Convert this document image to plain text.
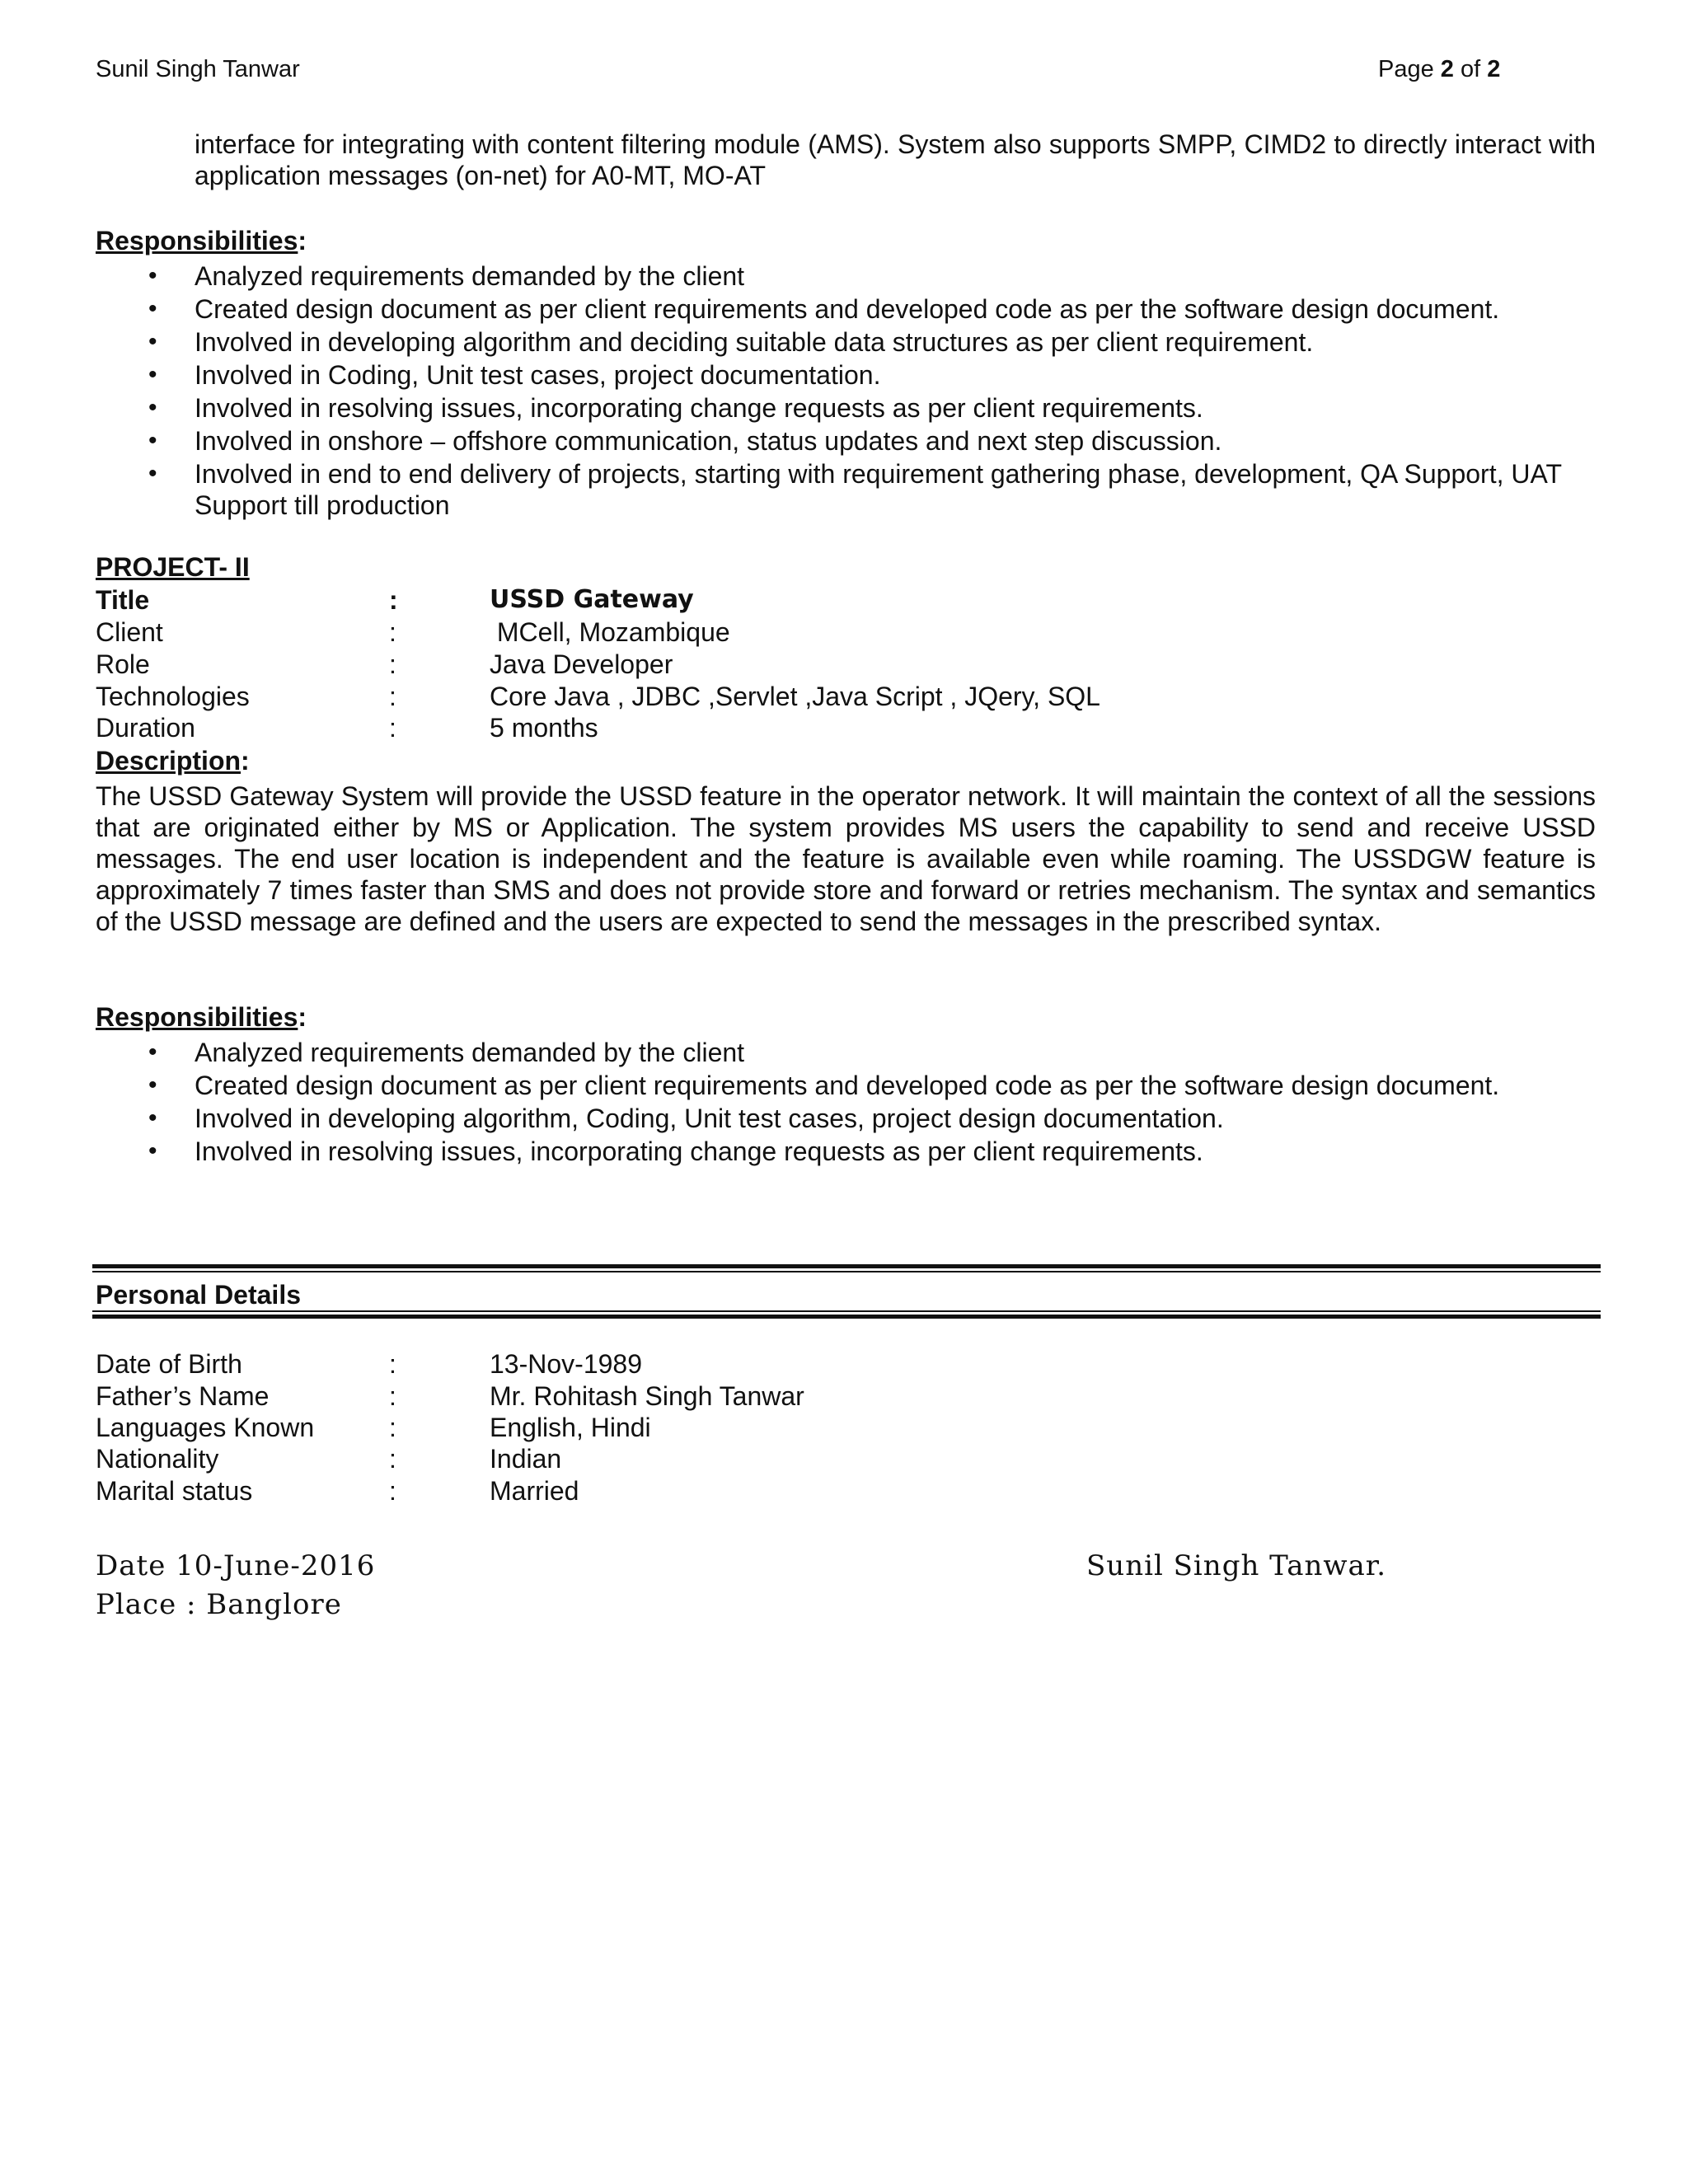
Sunil Singh Tanwar	Page 2 of 2
interface for integrating with content filtering module (AMS). System also supports SMPP, CIMD2 to directly interact with application messages (on-net) for A0-MT, MO-AT
Responsibilities:
• Analyzed requirements demanded by the client
• Created design document as per client requirements and developed code as per the software design document.
• Involved in developing algorithm and deciding suitable data structures as per client requirement.
• Involved in Coding, Unit test cases, project documentation.
• Involved in resolving issues, incorporating change requests as per client requirements.
• Involved in onshore – offshore communication, status updates and next step discussion.
• Involved in end to end delivery of projects, starting with requirement gathering phase, development, QA Support, UAT Support till production
PROJECT- II
Title	:	USSD Gateway
Client	:	MCell, Mozambique
Role	:	Java Developer
Technologies	:	Core Java , JDBC ,Servlet ,Java Script , JQery, SQL
Duration	:	5 months
Description:
The USSD Gateway System will provide the USSD feature in the operator network. It will maintain the context of all the sessions that are originated either by MS or Application. The system provides MS users the capability to send and receive USSD messages. The end user location is independent and the feature is available even while roaming. The USSDGW feature is approximately 7 times faster than SMS and does not provide store and forward or retries mechanism. The syntax and semantics of the USSD message are defined and the users are expected to send the messages in the prescribed syntax.
Responsibilities:
• Analyzed requirements demanded by the client
• Created design document as per client requirements and developed code as per the software design document.
• Involved in developing algorithm, Coding, Unit test cases, project design documentation.
• Involved in resolving issues, incorporating change requests as per client requirements.
Personal Details
Date of Birth	:	13-Nov-1989
Father’s Name	:	Mr. Rohitash Singh Tanwar
Languages Known	:	English, Hindi
Nationality	:	Indian
Marital status	:	Married
Date 10-June-2016
Place : Banglore
Sunil Singh Tanwar.
